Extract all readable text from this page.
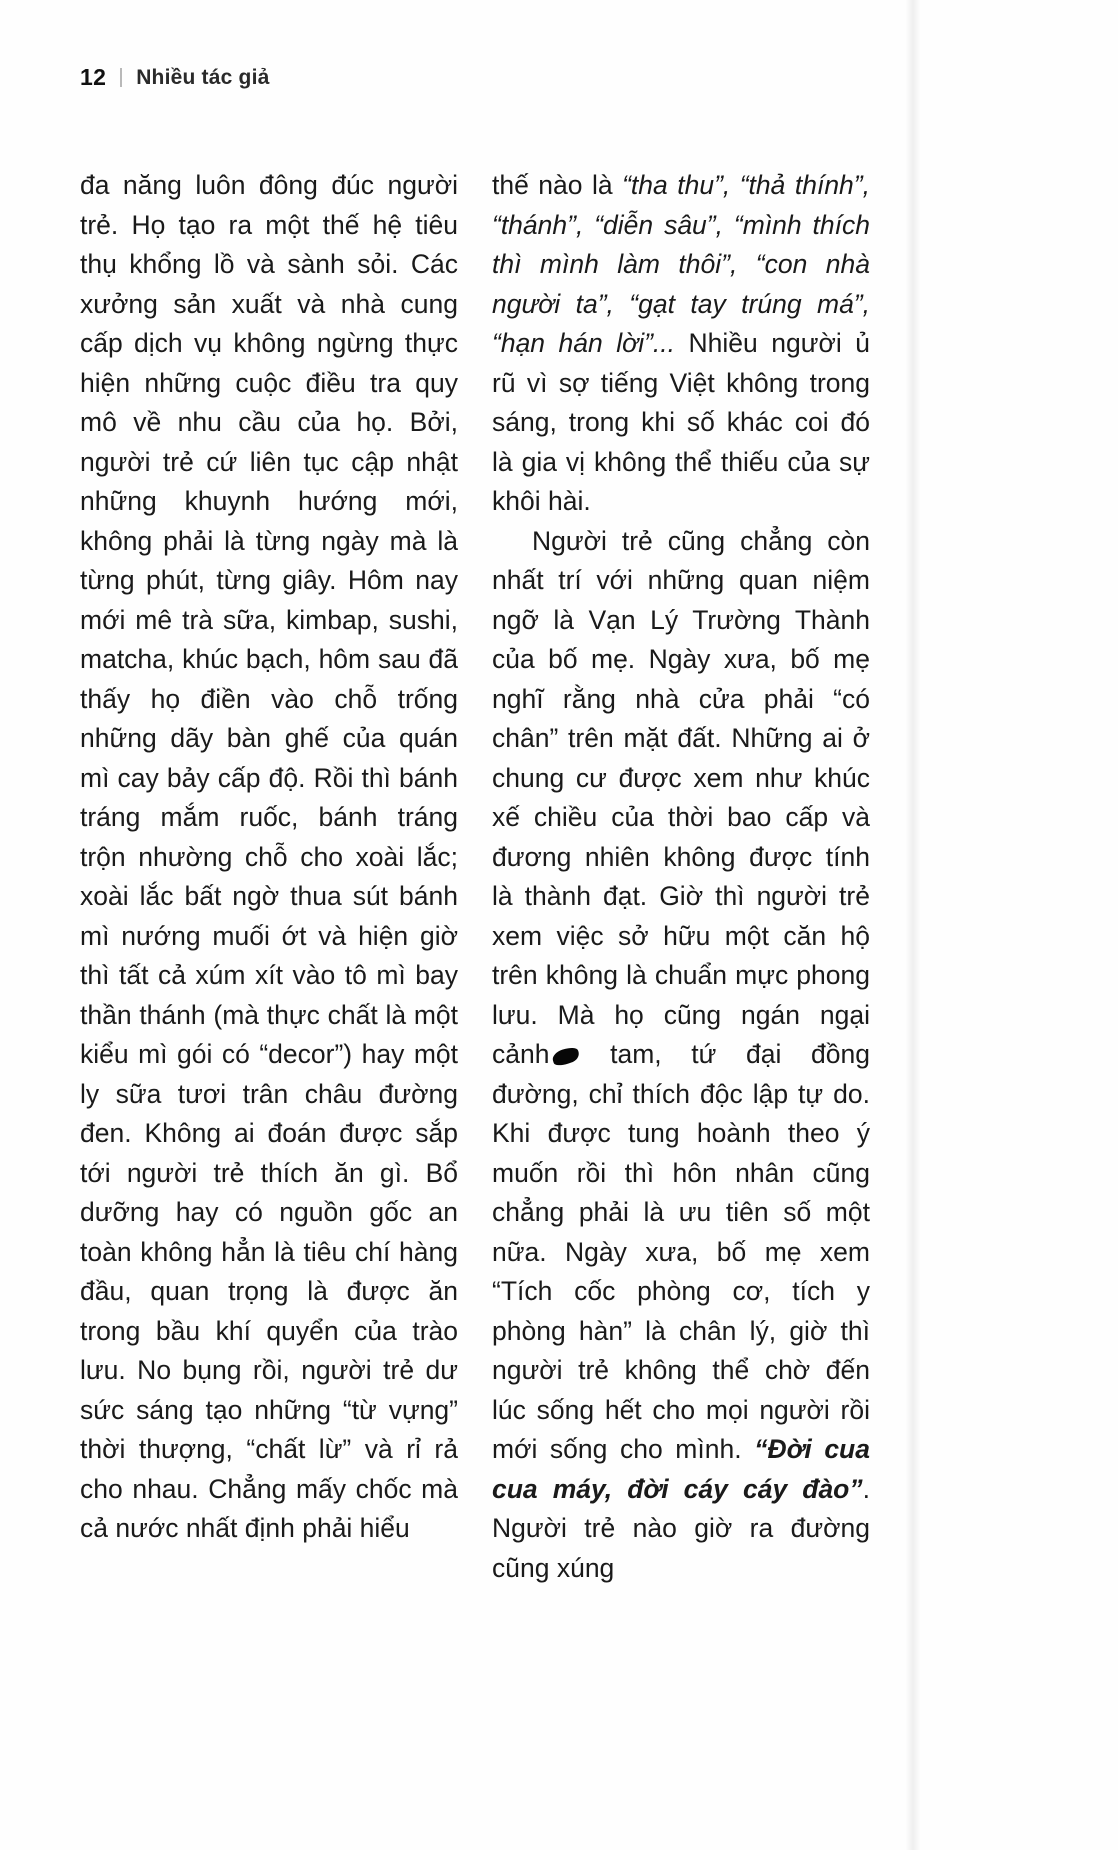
12 Nhiều tác giả

đa năng luôn đông đúc người trẻ. Họ tạo ra một thế hệ tiêu thụ khổng lồ và sành sỏi. Các xưởng sản xuất và nhà cung cấp dịch vụ không ngừng thực hiện những cuộc điều tra quy mô về nhu cầu của họ. Bởi, người trẻ cứ liên tục cập nhật những khuynh hướng mới, không phải là từng ngày mà là từng phút, từng giây. Hôm nay mới mê trà sữa, kimbap, sushi, matcha, khúc bạch, hôm sau đã thấy họ điền vào chỗ trống những dãy bàn ghế của quán mì cay bảy cấp độ. Rồi thì bánh tráng mắm ruốc, bánh tráng trộn nhường chỗ cho xoài lắc; xoài lắc bất ngờ thua sút bánh mì nướng muối ớt và hiện giờ thì tất cả xúm xít vào tô mì bay thần thánh (mà thực chất là một kiểu mì gói có “decor”) hay một ly sữa tươi trân châu đường đen. Không ai đoán được sắp tới người trẻ thích ăn gì. Bổ dưỡng hay có nguồn gốc an toàn không hẳn là tiêu chí hàng đầu, quan trọng là được ăn trong bầu khí quyển của trào lưu. No bụng rồi, người trẻ dư sức sáng tạo những “từ vựng” thời thượng, “chất lừ” và rỉ rả cho nhau. Chẳng mấy chốc mà cả nước nhất định phải hiểu

thế nào là “tha thu”, “thả thính”, “thánh”, “diễn sâu”, “mình thích thì mình làm thôi”, “con nhà người ta”, “gạt tay trúng má”, “hạn hán lời”... Nhiều người ủ rũ vì sợ tiếng Việt không trong sáng, trong khi số khác coi đó là gia vị không thể thiếu của sự khôi hài.

Người trẻ cũng chẳng còn nhất trí với những quan niệm ngỡ là Vạn Lý Trường Thành của bố mẹ. Ngày xưa, bố mẹ nghĩ rằng nhà cửa phải “có chân” trên mặt đất. Những ai ở chung cư được xem như khúc xế chiều của thời bao cấp và đương nhiên không được tính là thành đạt. Giờ thì người trẻ xem việc sở hữu một căn hộ trên không là chuẩn mực phong lưu. Mà họ cũng ngán ngại cảnh tam, tứ đại đồng đường, chỉ thích độc lập tự do. Khi được tung hoành theo ý muốn rồi thì hôn nhân cũng chẳng phải là ưu tiên số một nữa. Ngày xưa, bố mẹ xem “Tích cốc phòng cơ, tích y phòng hàn” là chân lý, giờ thì người trẻ không thể chờ đến lúc sống hết cho mọi người rồi mới sống cho mình. “Đời cua cua máy, đời cáy cáy đào”. Người trẻ nào giờ ra đường cũng xúng
